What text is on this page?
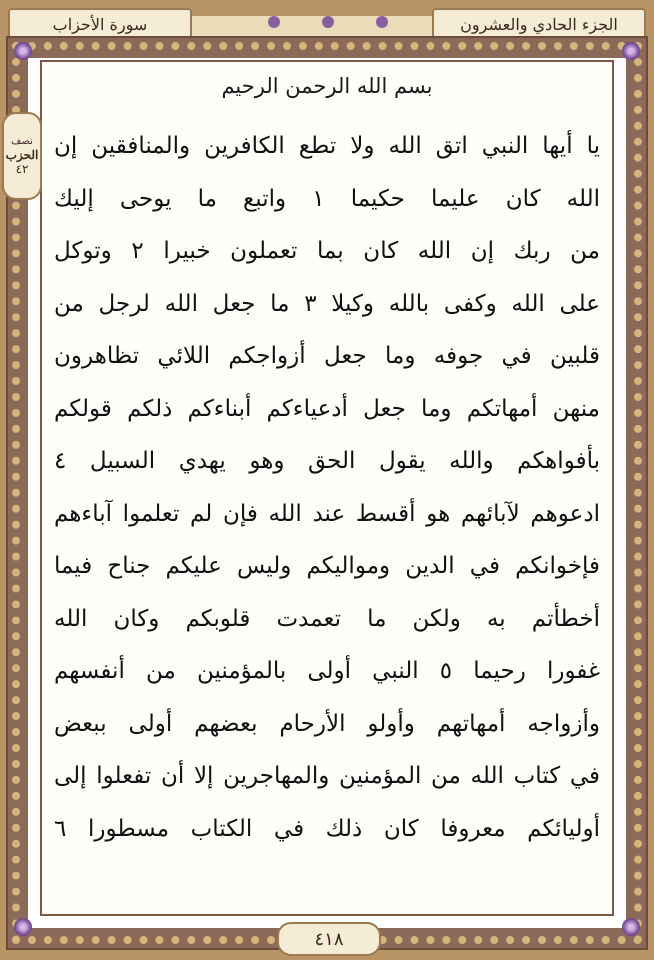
سورة الأحزاب	الجزء الحادي والعشرون
بسم الله الرحمن الرحيم
يا أيها النبي اتق الله ولا تطع الكافرين والمنافقين إن
الله كان عليما حكيما ١ واتبع ما يوحى إليك
من ربك إن الله كان بما تعملون خبيرا ٢ وتوكل
على الله وكفى بالله وكيلا ٣ ما جعل الله لرجل من
قلبين في جوفه وما جعل أزواجكم اللائي تظاهرون
منهن أمهاتكم وما جعل أدعياءكم أبناءكم ذلكم قولكم
بأفواهكم والله يقول الحق وهو يهدي السبيل ٤
ادعوهم لآبائهم هو أقسط عند الله فإن لم تعلموا آباءهم
فإخوانكم في الدين ومواليكم وليس عليكم جناح فيما
أخطأتم به ولكن ما تعمدت قلوبكم وكان الله
غفورا رحيما ٥ النبي أولى بالمؤمنين من أنفسهم
وأزواجه أمهاتهم وأولو الأرحام بعضهم أولى ببعض
في كتاب الله من المؤمنين والمهاجرين إلا أن تفعلوا إلى
أوليائكم معروفا كان ذلك في الكتاب مسطورا ٦
نصف
الحزب
٤٢
٤١٨
